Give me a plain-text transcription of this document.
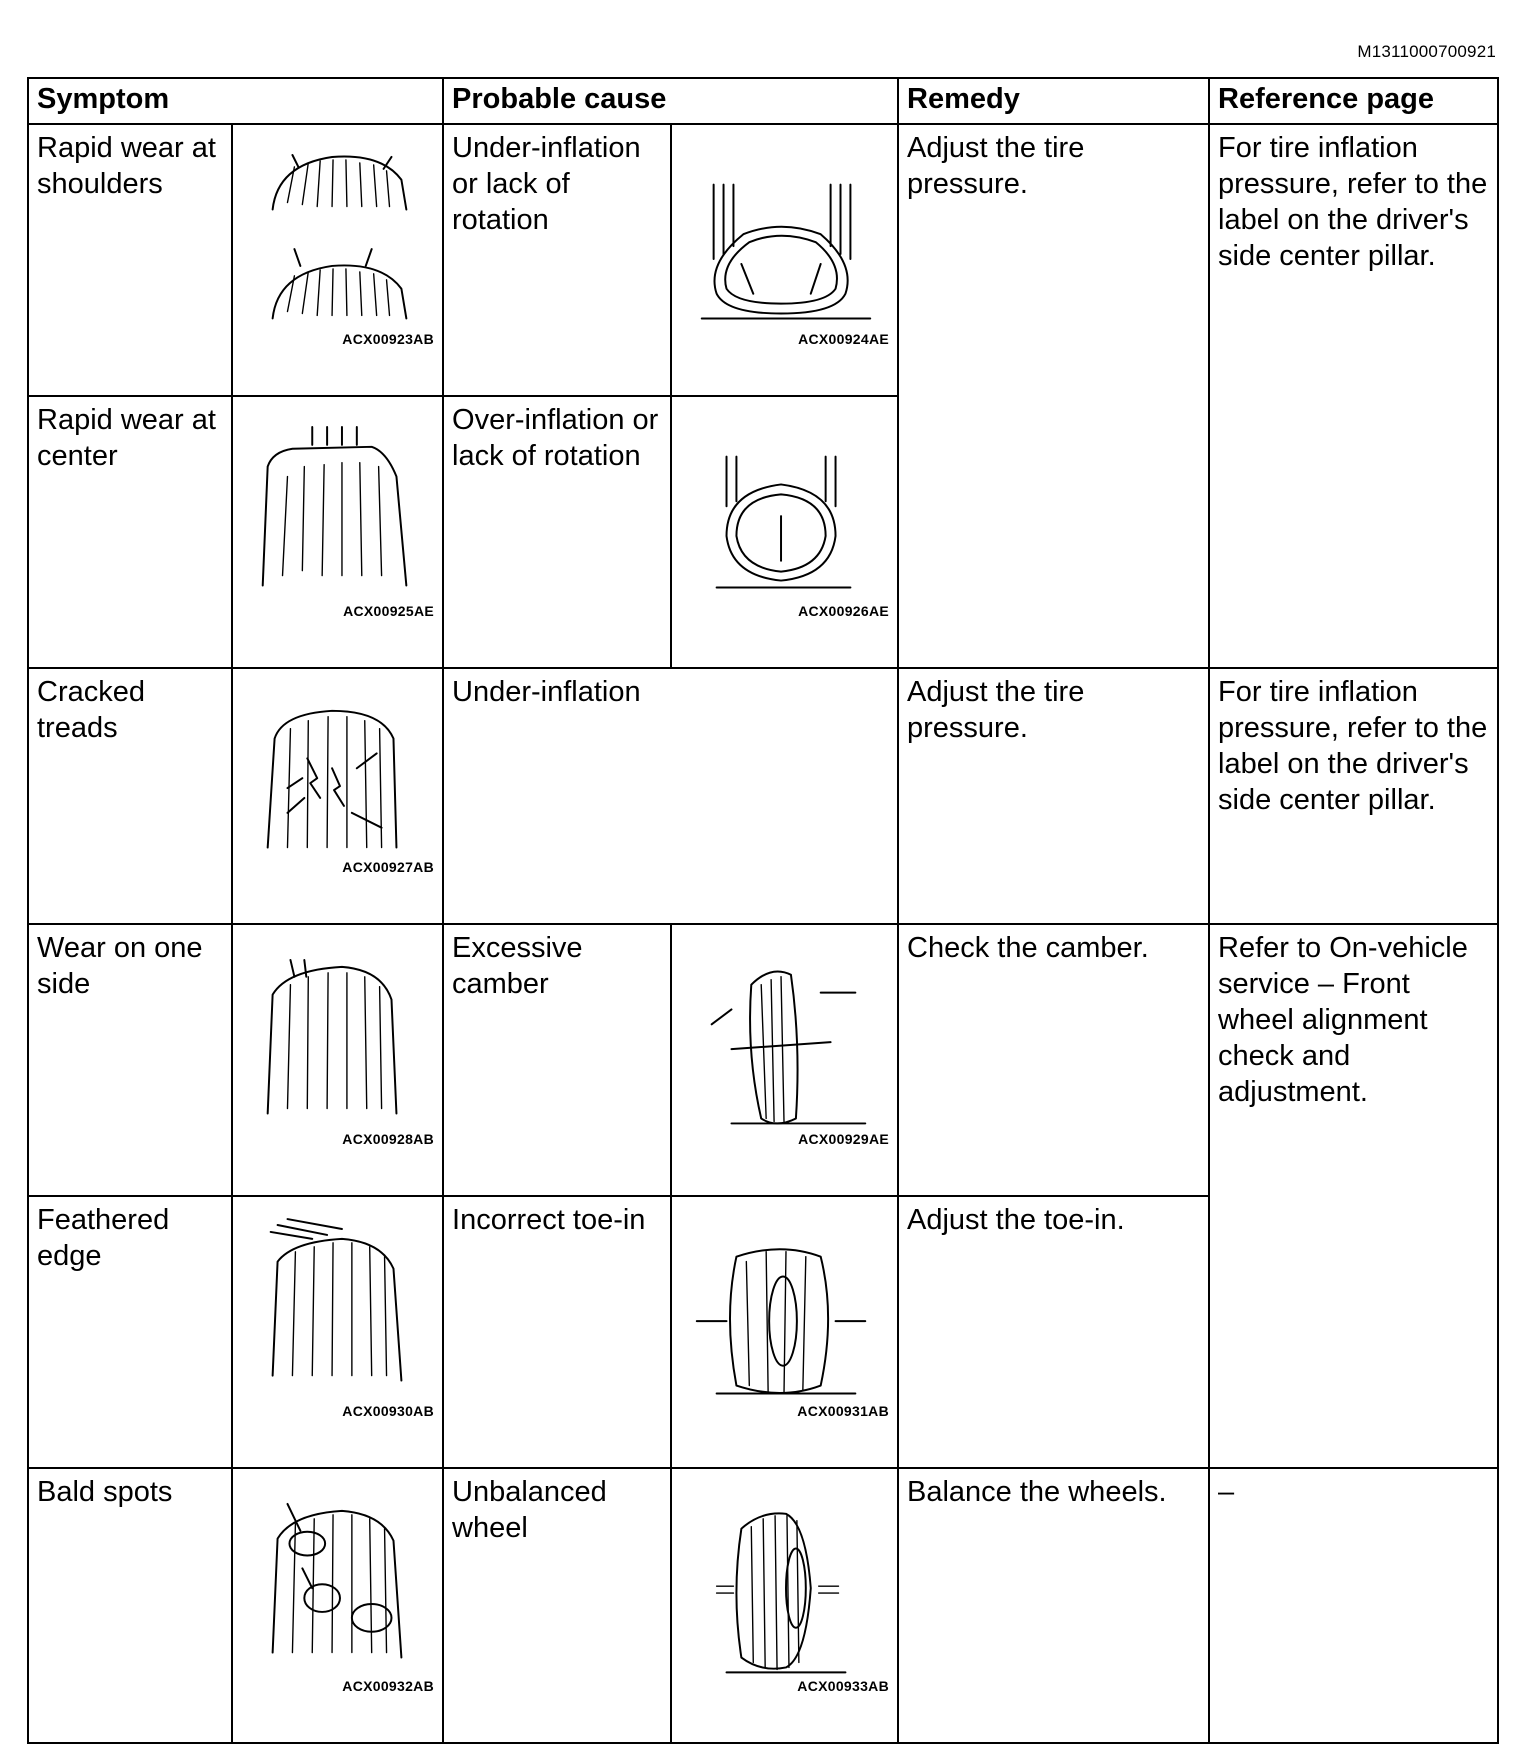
M1311000700921
Symptom		Probable cause		Remedy	Reference page
Rapid wear at shoulders	ACX00923AB	Under-inflation or lack of rotation	ACX00924AE	Adjust the tire pressure.	For tire inflation pressure, refer to the label on the driver's side center pillar.
Rapid wear at center	ACX00925AE	Over-inflation or lack of rotation	ACX00926AE		

Cracked treads	ACX00927AB	Under-inflation		Adjust the tire pressure.	For tire inflation pressure, refer to the label on the driver's side center pillar.
Wear on one side	ACX00928AB	Excessive camber	ACX00929AE	Check the camber.	Refer to On-vehicle service – Front wheel alignment check and adjustment.
Feathered edge	ACX00930AB	Incorrect toe-in	ACX00931AB	Adjust the toe-in.	
Bald spots	ACX00932AB	Unbalanced wheel	ACX00933AB	Balance the wheels.	–
